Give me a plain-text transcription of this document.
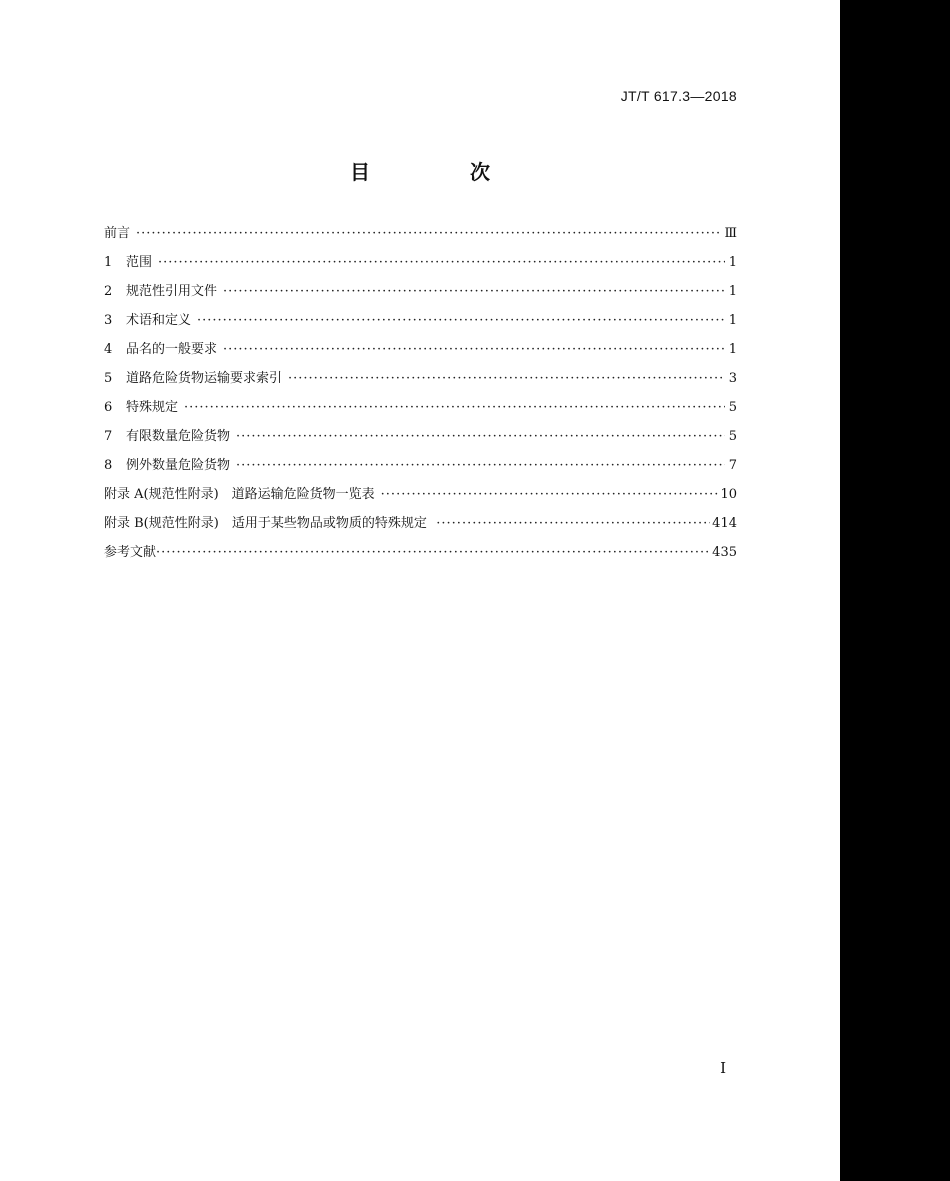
JT/T 617.3—2018
目　次
前言 ·····	Ⅲ
1	范围 ·····	1
2	规范性引用文件 ·····	1
3	术语和定义 ·····	1
4	品名的一般要求 ·····	1
5	道路危险货物运输要求索引 ·····	3
6	特殊规定 ·····	5
7	有限数量危险货物 ·····	5
8	例外数量危险货物 ·····	7
附录 A(规范性附录)　道路运输危险货物一览表 ·····	10
附录 B(规范性附录)　适用于某些物品或物质的特殊规定 ·····	414
参考文献 ·····	435
I
